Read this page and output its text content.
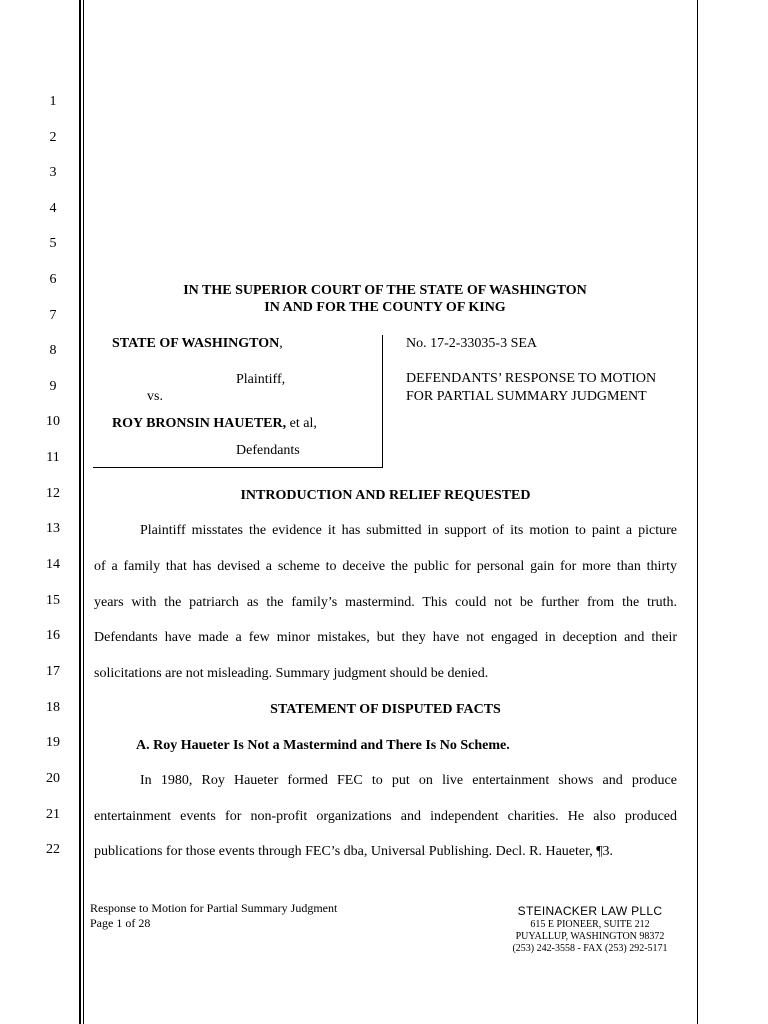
1
2
3
4
5
6
7
8
9
10
11
12
13
14
15
16
17
18
19
20
21
22
IN THE SUPERIOR COURT OF THE STATE OF WASHINGTON
IN AND FOR THE COUNTY OF KING
STATE OF WASHINGTON,
Plaintiff,
vs.
ROY BRONSIN HAUETER, et al,
Defendants
No. 17-2-33035-3 SEA
DEFENDANTS’ RESPONSE TO MOTION FOR PARTIAL SUMMARY JUDGMENT
INTRODUCTION AND RELIEF REQUESTED
Plaintiff misstates the evidence it has submitted in support of its motion to paint a picture
of a family that has devised a scheme to deceive the public for personal gain for more than thirty
years with the patriarch as the family’s mastermind. This could not be further from the truth.
Defendants have made a few minor mistakes, but they have not engaged in deception and their
solicitations are not misleading. Summary judgment should be denied.
STATEMENT OF DISPUTED FACTS
A. Roy Haueter Is Not a Mastermind and There Is No Scheme.
In 1980, Roy Haueter formed FEC to put on live entertainment shows and produce
entertainment events for non-profit organizations and independent charities. He also produced
publications for those events through FEC’s dba, Universal Publishing. Decl. R. Haueter, ¶3.
Response to Motion for Partial Summary Judgment
Page 1 of 28
STEINACKER LAW PLLC
615 E PIONEER, SUITE 212
PUYALLUP, WASHINGTON 98372
(253) 242-3558 - FAX (253) 292-5171
